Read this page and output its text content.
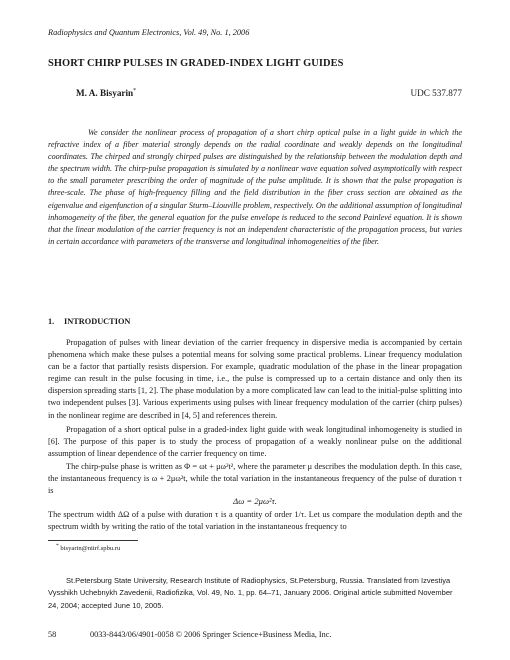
Radiophysics and Quantum Electronics, Vol. 49, No. 1, 2006
SHORT CHIRP PULSES IN GRADED-INDEX LIGHT GUIDES
M. A. Bisyarin*	UDC 537.877

We consider the nonlinear process of propagation of a short chirp optical pulse in a light guide in which the refractive index of a fiber material strongly depends on the radial coordinate and weakly depends on the longitudinal coordinates. The chirped and strongly chirped pulses are distinguished by the relationship between the modulation depth and the spectrum width. The chirp-pulse propagation is simulated by a nonlinear wave equation solved asymptotically with respect to the small parameter prescribing the order of magnitude of the pulse amplitude. It is shown that the pulse propagation is three-scale. The phase of high-frequency filling and the field distribution in the fiber cross section are obtained as the eigenvalue and eigenfunction of a singular Sturm–Liouville problem, respectively. On the additional assumption of longitudinal inhomogeneity of the fiber, the general equation for the pulse envelope is reduced to the second Painlevé equation. It is shown that the linear modulation of the carrier frequency is not an independent characteristic of the propagation process, but varies in certain accordance with parameters of the transverse and longitudinal inhomogeneities of the fiber.

1. INTRODUCTION

Propagation of pulses with linear deviation of the carrier frequency in dispersive media is accompanied by certain phenomena which make these pulses a potential means for solving some practical problems. Linear frequency modulation can be a factor that partially resists dispersion. For example, quadratic modulation of the phase in the linear propagation regime can result in the pulse focusing in time, i.e., the pulse is compressed up to a certain distance and only then its dispersion spreading starts [1, 2]. The phase modulation by a more complicated law can lead to the initial-pulse splitting into two independent pulses [3]. Various experiments using pulses with linear frequency modulation of the carrier (chirp pulses) in the nonlinear regime are described in [4, 5] and references therein.

Propagation of a short optical pulse in a graded-index light guide with weak longitudinal inhomogeneity is studied in [6]. The purpose of this paper is to study the process of propagation of a weakly nonlinear pulse on the additional assumption of linear dependence of the carrier frequency on time.

The chirp-pulse phase is written as Φ = ωt + μω²t², where the parameter μ describes the modulation depth. In this case, the instantaneous frequency is ω + 2μω²t, while the total variation in the instantaneous frequency of the pulse of duration τ is

Δω = 2μω²τ.

The spectrum width ΔΩ of a pulse with duration τ is a quantity of order 1/τ. Let us compare the modulation depth and the spectrum width by writing the ratio of the total variation in the instantaneous frequency to

* bisyarin@niirf.spbu.ru

St.Petersburg State University, Research Institute of Radiophysics, St.Petersburg, Russia. Translated from Izvestiya Vysshikh Uchebnykh Zavedenii, Radiofizika, Vol. 49, No. 1, pp. 64–71, January 2006. Original article submitted November 24, 2004; accepted June 10, 2005.

58	0033-8443/06/4901-0058 © 2006 Springer Science+Business Media, Inc.
